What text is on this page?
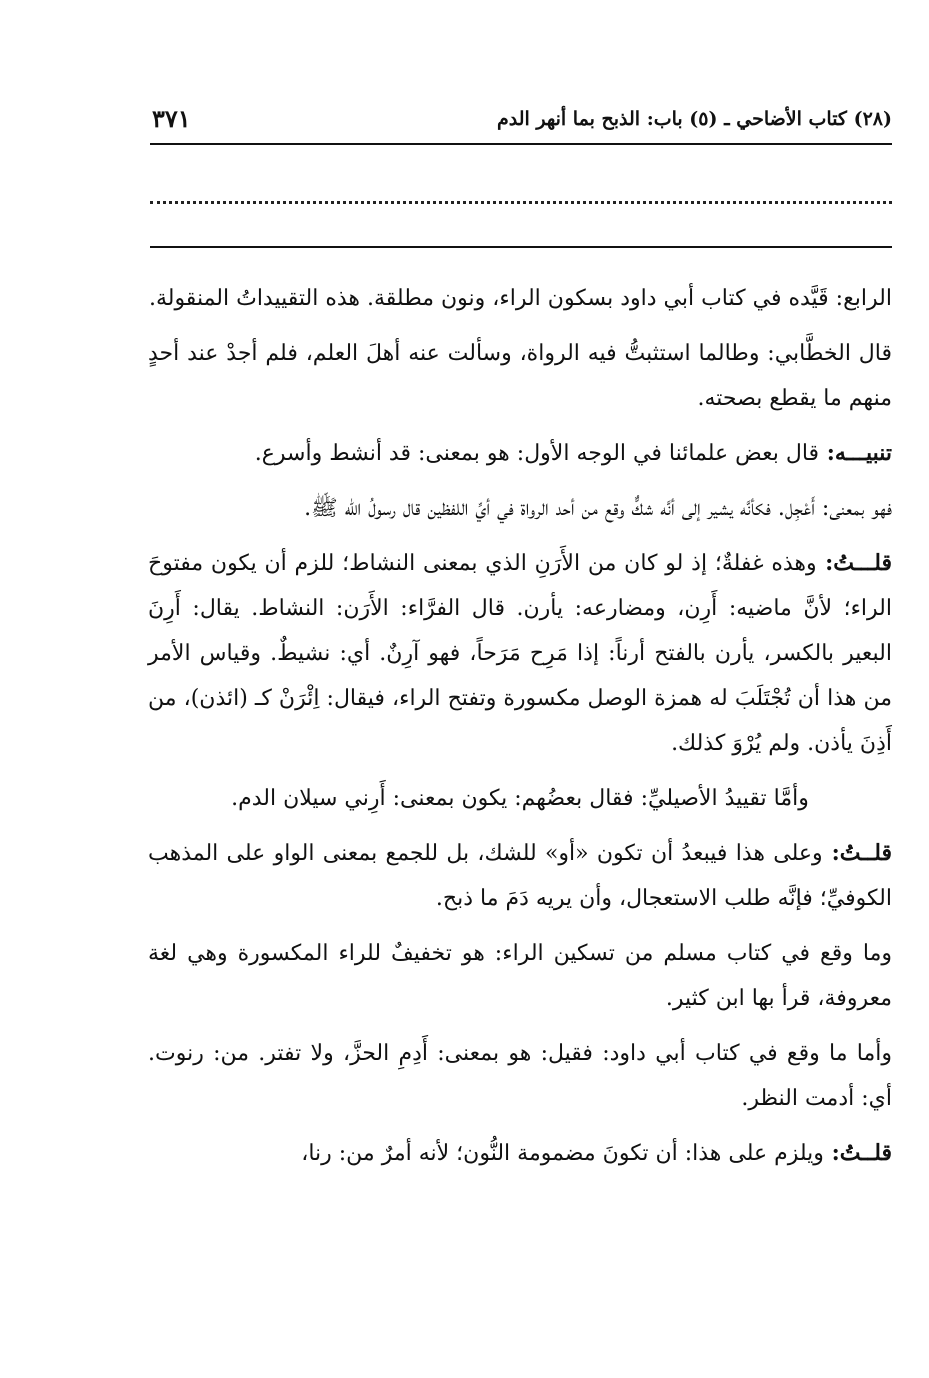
(٢٨) كتاب الأضاحي ـ (٥) باب: الذبح بما أنهر الدم
٣٧١

الرابع: قَيَّده في كتاب أبي داود بسكون الراء، ونون مطلقة. هذه التقييداتُ المنقولة.

قال الخطَّابي: وطالما استثبتُّ فيه الرواة، وسألت عنه أهلَ العلم، فلم أجدْ عند أحدٍ منهم ما يقطع بصحته.

تنبيـــه: قال بعض علمائنا في الوجه الأول: هو بمعنى: قد أنشط وأسرع.

فهو بمعنى: أَعْجِل. فكأنَّه يشير إلى أنَّه شكٌّ وقع من أحد الرواة في أيِّ اللفظين قال رسولُ الله ﷺ.

قلـــتُ: وهذه غفلةٌ؛ إذ لو كان من الأَرَنِ الذي بمعنى النشاط؛ للزم أن يكون مفتوحَ الراء؛ لأنَّ ماضيه: أَرِن، ومضارعه: يأرن. قال الفرَّاء: الأَرَن: النشاط. يقال: أَرِنَ البعير بالكسر، يأرن بالفتح أرناً: إذا مَرِح مَرَحاً، فهو آرِنٌ. أي: نشيطٌ. وقياس الأمر من هذا أن تُجْتَلَبَ له همزة الوصل مكسورة وتفتح الراء، فيقال: اِئْرَنْ كـ (ائذن)، من أَذِنَ يأذن. ولم يُرْوَ كذلك.

وأمَّا تقييدُ الأصيليِّ: فقال بعضُهم: يكون بمعنى: أَرِني سيلان الدم.

قلــتُ: وعلى هذا فيبعدُ أن تكون «أو» للشك، بل للجمع بمعنى الواو على المذهب الكوفيِّ؛ فإنَّه طلب الاستعجال، وأن يريه دَمَ ما ذبح.

وما وقع في كتاب مسلم من تسكين الراء: هو تخفيفٌ للراء المكسورة وهي لغة معروفة، قرأ بها ابن كثير.

وأما ما وقع في كتاب أبي داود: فقيل: هو بمعنى: أَدِمِ الحزَّ، ولا تفتر. من: رنوت. أي: أدمت النظر.

قلــتُ: ويلزم على هذا: أن تكونَ مضمومة النُّون؛ لأنه أمرٌ من: رنا،
